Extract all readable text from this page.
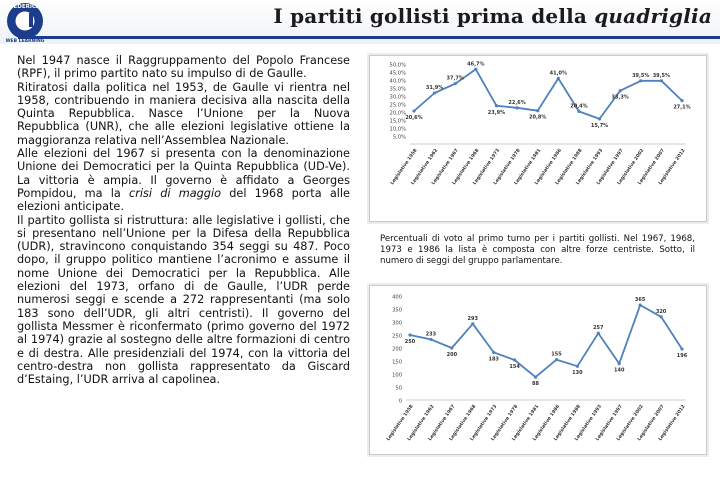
WEB LEARNING
FEDERICA	I partiti gollisti prima della quadriglia

Nel 1947 nasce il Raggruppamento del Popolo Francese (RPF), il primo partito nato su impulso di de Gaulle.

Ritiratosi dalla politica nel 1953, de Gaulle vi rientra nel 1958, contribuendo in maniera decisiva alla nascita della Quinta Repubblica. Nasce l’Unione per la Nuova Repubblica (UNR), che alle elezioni legislative ottiene la maggioranza relativa nell’Assemblea Nazionale.

Alle elezioni del 1967 si presenta con la denominazione Unione dei Democratici per la Quinta Repubblica (UD-Ve). La vittoria è ampia. Il governo è affidato a Georges Pompidou, ma la crisi di maggio del 1968 porta alle elezioni anticipate.

Il partito gollista si ristruttura: alle legislative i gollisti, che si presentano nell’Unione per la Difesa della Repubblica (UDR), stravincono conquistando 354 seggi su 487. Poco dopo, il gruppo politico mantiene l’acronimo e assume il nome Unione dei Democratici per la Repubblica. Alle elezioni del 1973, orfano di de Gaulle, l’UDR perde numerosi seggi e scende a 272 rappresentanti (ma solo 183 sono dell’UDR, gli altri centristi). Il governo del gollista Messmer è riconfermato (primo governo del 1972 al 1974) grazie al sostegno delle altre formazioni di centro e di destra. Alle presidenziali del 1974, con la vittoria del centro-destra non gollista rappresentato da Giscard d’Estaing, l’UDR arriva al capolinea.

5,0%
10,0%
15,0%
20,0%
25,0%
30,0%
35,0%
40,0%
45,0%
50,0%
20,6%
31,9%
37,7%
46,7%
23,9%
22,6%
20,8%
41,0%
20,4%
15,7%
33,3%
39,5% 39,5%
27,1%
Legislative 1958
Legislative 1962
Legislative 1967
Legislative 1968
Legislative 1973
Legislative 1978
Legislative 1981
Legislative 1986
Legislative 1988
Legislative 1993
Legislative 1997
Legislative 2002
Legislative 2007
Legislative 2012
Percentuali di voto al primo turno per i partiti gollisti. Nel 1967, 1968, 1973 e 1986 la lista è composta con altre forze centriste. Sotto, il numero di seggi del gruppo parlamentare.
0
50
100
150
200
250
300
350
400
250
233
200
293
183
154
88
155
130
257
140
365
320
196
Legislative 1958
Legislative 1962
Legislative 1967
Legislative 1968
Legislative 1973
Legislative 1978
Legislative 1981
Legislative 1986
Legislative 1988
Legislative 1993
Legislative 1997
Legislative 2002
Legislative 2007
Legislative 2012
